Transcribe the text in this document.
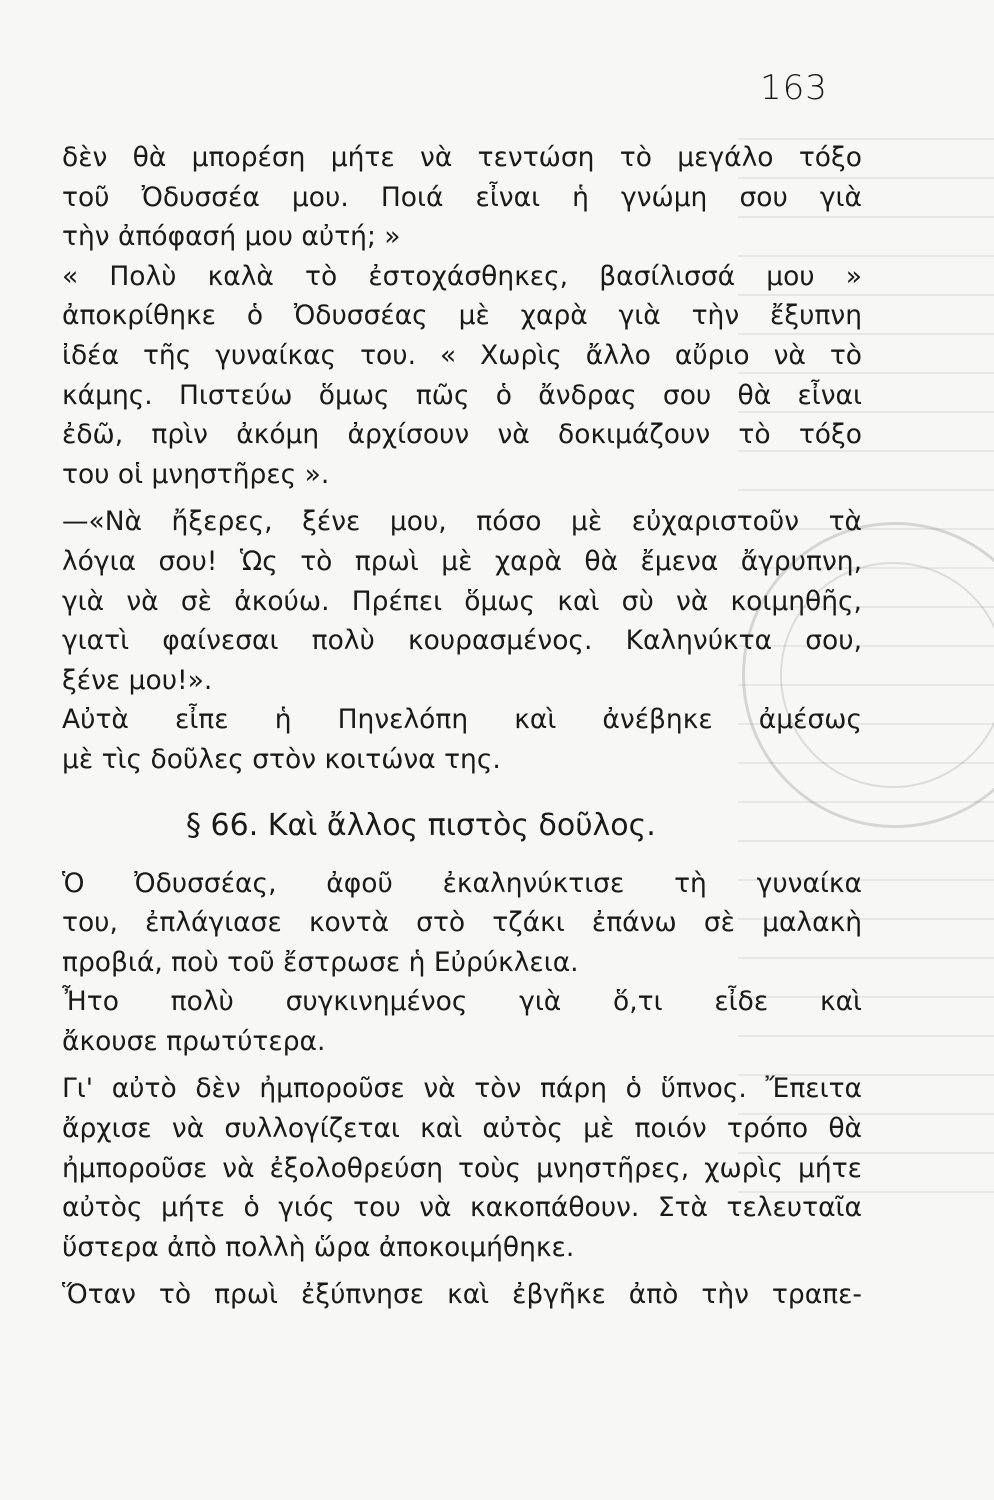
163
δὲν θὰ μπορέση μήτε νὰ τεντώση τὸ μεγάλο τόξο
τοῦ Ὀδυσσέα μου. Ποιά εἶναι ἡ γνώμη σου γιὰ
τὴν ἀπόφασή μου αὐτή; »
« Πολὺ καλὰ τὸ ἐστοχάσθηκες, βασίλισσά μου »
ἀποκρίθηκε ὁ Ὀδυσσέας μὲ χαρὰ γιὰ τὴν ἔξυπνη
ἰδέα τῆς γυναίκας του. « Χωρὶς ἄλλο αὔριο νὰ τὸ
κάμης. Πιστεύω ὅμως πῶς ὁ ἄνδρας σου θὰ εἶναι
ἐδῶ, πρὶν ἀκόμη ἀρχίσουν νὰ δοκιμάζουν τὸ τόξο
του οἱ μνηστῆρες ».
—«Νὰ ἤξερες, ξένε μου, πόσο μὲ εὐχαριστοῦν τὰ
λόγια σου! Ὡς τὸ πρωὶ μὲ χαρὰ θὰ ἔμενα ἄγρυπνη,
γιὰ νὰ σὲ ἀκούω. Πρέπει ὅμως καὶ σὺ νὰ κοιμηθῆς,
γιατὶ φαίνεσαι πολὺ κουρασμένος. Καληνύκτα σου,
ξένε μου!».
Αὐτὰ εἶπε ἡ Πηνελόπη καὶ ἀνέβηκε ἀμέσως
μὲ τὶς δοῦλες στὸν κοιτώνα της.
§ 66. Καὶ ἄλλος πιστὸς δοῦλος.
Ὁ Ὀδυσσέας, ἀφοῦ ἐκαληνύκτισε τὴ γυναίκα
του, ἐπλάγιασε κοντὰ στὸ τζάκι ἐπάνω σὲ μαλακὴ
προβιά, ποὺ τοῦ ἔστρωσε ἡ Εὐρύκλεια.
Ἦτο πολὺ συγκινημένος γιὰ ὅ,τι εἶδε καὶ
ἄκουσε πρωτύτερα.
Γι' αὐτὸ δὲν ἠμποροῦσε νὰ τὸν πάρη ὁ ὕπνος. Ἔπειτα
ἄρχισε νὰ συλλογίζεται καὶ αὐτὸς μὲ ποιόν τρόπο θὰ
ἠμποροῦσε νὰ ἐξολοθρεύση τοὺς μνηστῆρες, χωρὶς μήτε
αὐτὸς μήτε ὁ γιός του νὰ κακοπάθουν. Στὰ τελευταῖα
ὕστερα ἀπὸ πολλὴ ὥρα ἀποκοιμήθηκε.
Ὅταν τὸ πρωὶ ἐξύπνησε καὶ ἐβγῆκε ἀπὸ τὴν τραπε-
